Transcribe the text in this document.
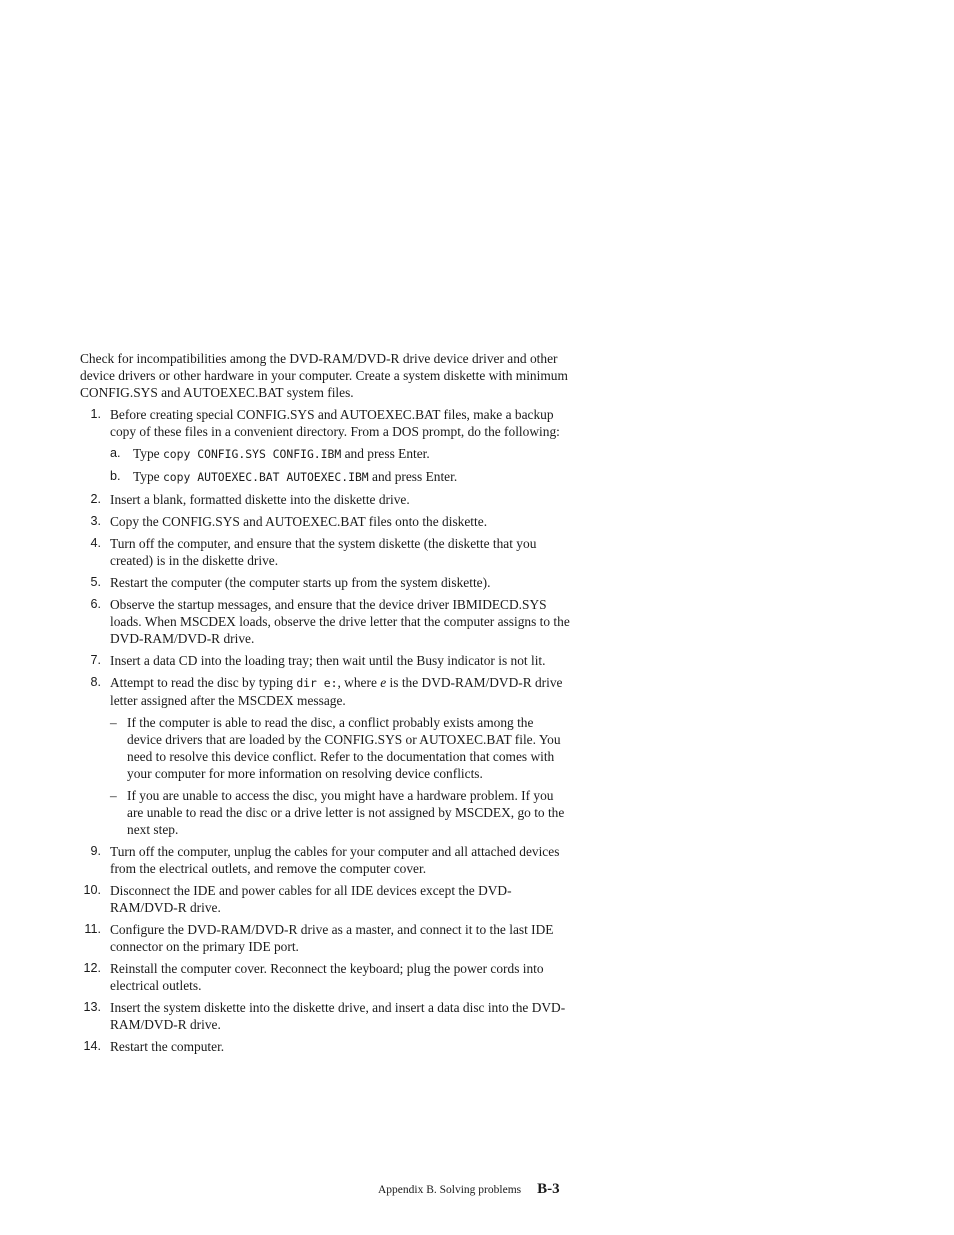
Check for incompatibilities among the DVD-RAM/DVD-R drive device driver and other device drivers or other hardware in your computer. Create a system diskette with minimum CONFIG.SYS and AUTOEXEC.BAT system files.

1. Before creating special CONFIG.SYS and AUTOEXEC.BAT files, make a backup copy of these files in a convenient directory. From a DOS prompt, do the following:
a. Type copy CONFIG.SYS CONFIG.IBM and press Enter.
b. Type copy AUTOEXEC.BAT AUTOEXEC.IBM and press Enter.
2. Insert a blank, formatted diskette into the diskette drive.
3. Copy the CONFIG.SYS and AUTOEXEC.BAT files onto the diskette.
4. Turn off the computer, and ensure that the system diskette (the diskette that you created) is in the diskette drive.
5. Restart the computer (the computer starts up from the system diskette).
6. Observe the startup messages, and ensure that the device driver IBMIDECD.SYS loads. When MSCDEX loads, observe the drive letter that the computer assigns to the DVD-RAM/DVD-R drive.
7. Insert a data CD into the loading tray; then wait until the Busy indicator is not lit.
8. Attempt to read the disc by typing dir e:, where e is the DVD-RAM/DVD-R drive letter assigned after the MSCDEX message.
– If the computer is able to read the disc, a conflict probably exists among the device drivers that are loaded by the CONFIG.SYS or AUTOXEC.BAT file. You need to resolve this device conflict. Refer to the documentation that comes with your computer for more information on resolving device conflicts.
– If you are unable to access the disc, you might have a hardware problem. If you are unable to read the disc or a drive letter is not assigned by MSCDEX, go to the next step.
9. Turn off the computer, unplug the cables for your computer and all attached devices from the electrical outlets, and remove the computer cover.
10. Disconnect the IDE and power cables for all IDE devices except the DVD-RAM/DVD-R drive.
11. Configure the DVD-RAM/DVD-R drive as a master, and connect it to the last IDE connector on the primary IDE port.
12. Reinstall the computer cover. Reconnect the keyboard; plug the power cords into electrical outlets.
13. Insert the system diskette into the diskette drive, and insert a data disc into the DVD-RAM/DVD-R drive.
14. Restart the computer.
Appendix B. Solving problems B-3
